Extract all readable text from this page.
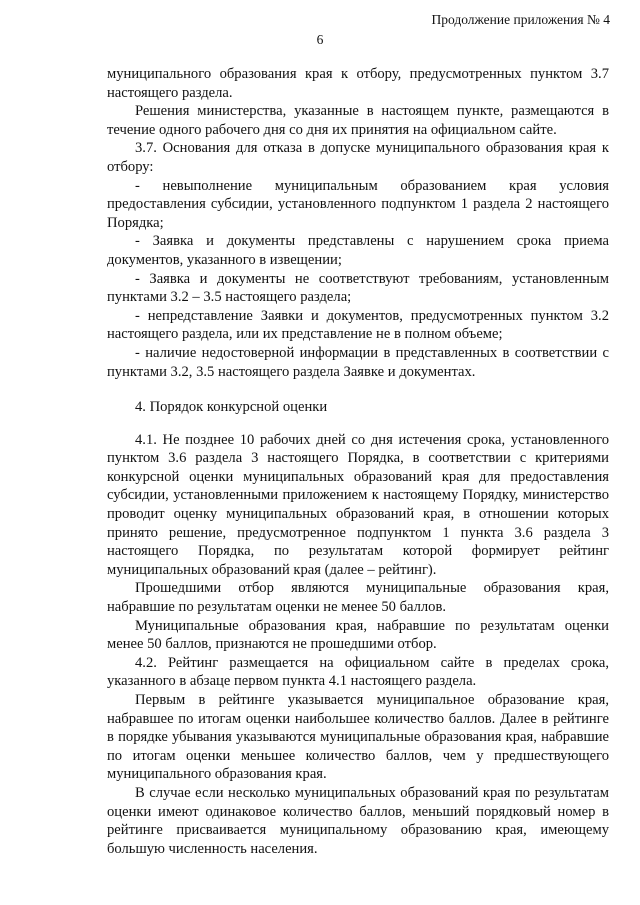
Продолжение приложения № 4
6

муниципального образования края к отбору, предусмотренных пунктом 3.7 настоящего раздела.

Решения министерства, указанные в настоящем пункте, размещаются в течение одного рабочего дня со дня их принятия на официальном сайте.

3.7. Основания для отказа в допуске муниципального образования края к отбору:

- невыполнение муниципальным образованием края условия предоставления субсидии, установленного подпунктом 1 раздела 2 настоящего Порядка;

- Заявка и документы представлены с нарушением срока приема документов, указанного в извещении;

- Заявка и документы не соответствуют требованиям, установленным пунктами 3.2 – 3.5 настоящего раздела;

- непредставление Заявки и документов, предусмотренных пунктом 3.2 настоящего раздела, или их представление не в полном объеме;

- наличие недостоверной информации в представленных в соответствии с пунктами 3.2, 3.5 настоящего раздела Заявке и документах.

4. Порядок конкурсной оценки

4.1. Не позднее 10 рабочих дней со дня истечения срока, установленного пунктом 3.6 раздела 3 настоящего Порядка, в соответствии с критериями конкурсной оценки муниципальных образований края для предоставления субсидии, установленными приложением к настоящему Порядку, министерство проводит оценку муниципальных образований края, в отношении которых принято решение, предусмотренное подпунктом 1 пункта 3.6 раздела 3 настоящего Порядка, по результатам которой формирует рейтинг муниципальных образований края (далее – рейтинг).

Прошедшими отбор являются муниципальные образования края, набравшие по результатам оценки не менее 50 баллов.

Муниципальные образования края, набравшие по результатам оценки менее 50 баллов, признаются не прошедшими отбор.

4.2. Рейтинг размещается на официальном сайте в пределах срока, указанного в абзаце первом пункта 4.1 настоящего раздела.

Первым в рейтинге указывается муниципальное образование края, набравшее по итогам оценки наибольшее количество баллов. Далее в рейтинге в порядке убывания указываются муниципальные образования края, набравшие по итогам оценки меньшее количество баллов, чем у предшествующего муниципального образования края.

В случае если несколько муниципальных образований края по результатам оценки имеют одинаковое количество баллов, меньший порядковый номер в рейтинге присваивается муниципальному образованию края, имеющему большую численность населения.
